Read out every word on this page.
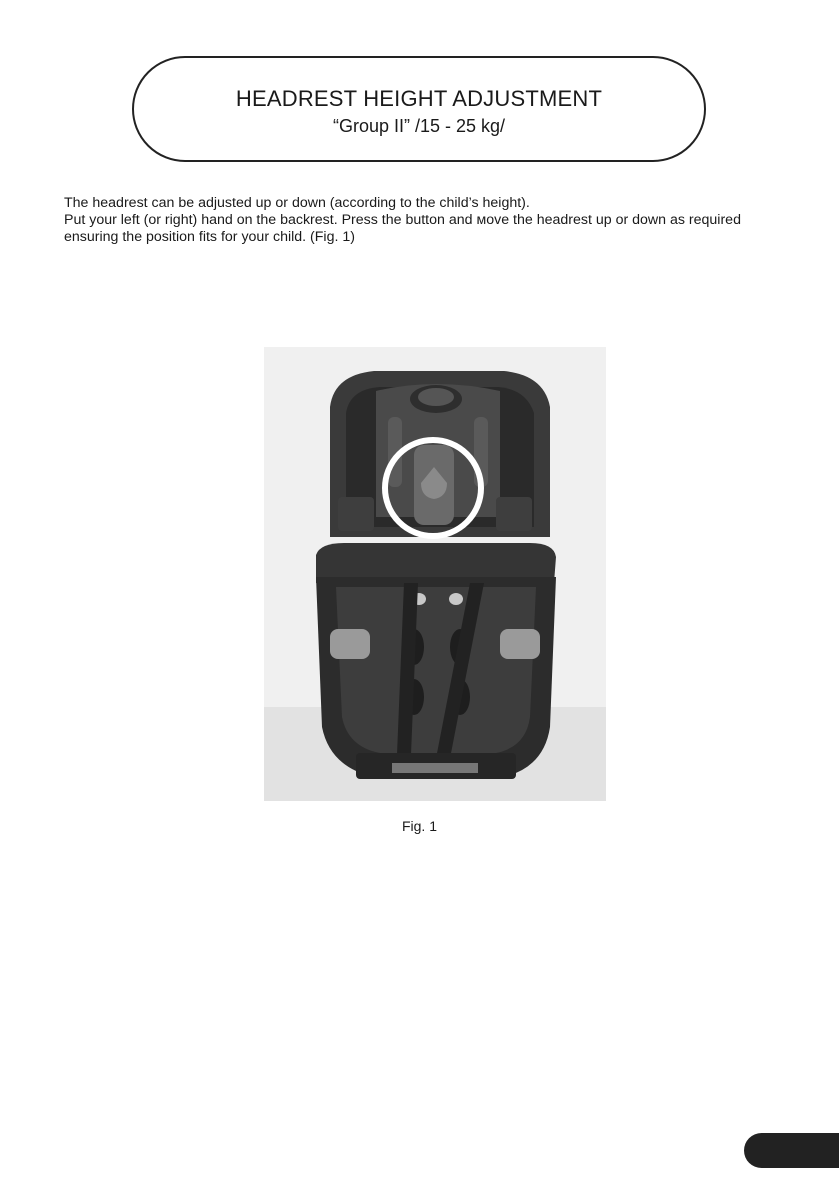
HEADREST HEIGHT ADJUSTMENT
“Group II” /15 - 25 kg/

The headrest can be adjusted up or down (according to the child’s height).

Put your left (or right) hand on the backrest. Press the button and мove the headrest up or down as required ensuring the position fits for your child. (Fig. 1)

Fig. 1
